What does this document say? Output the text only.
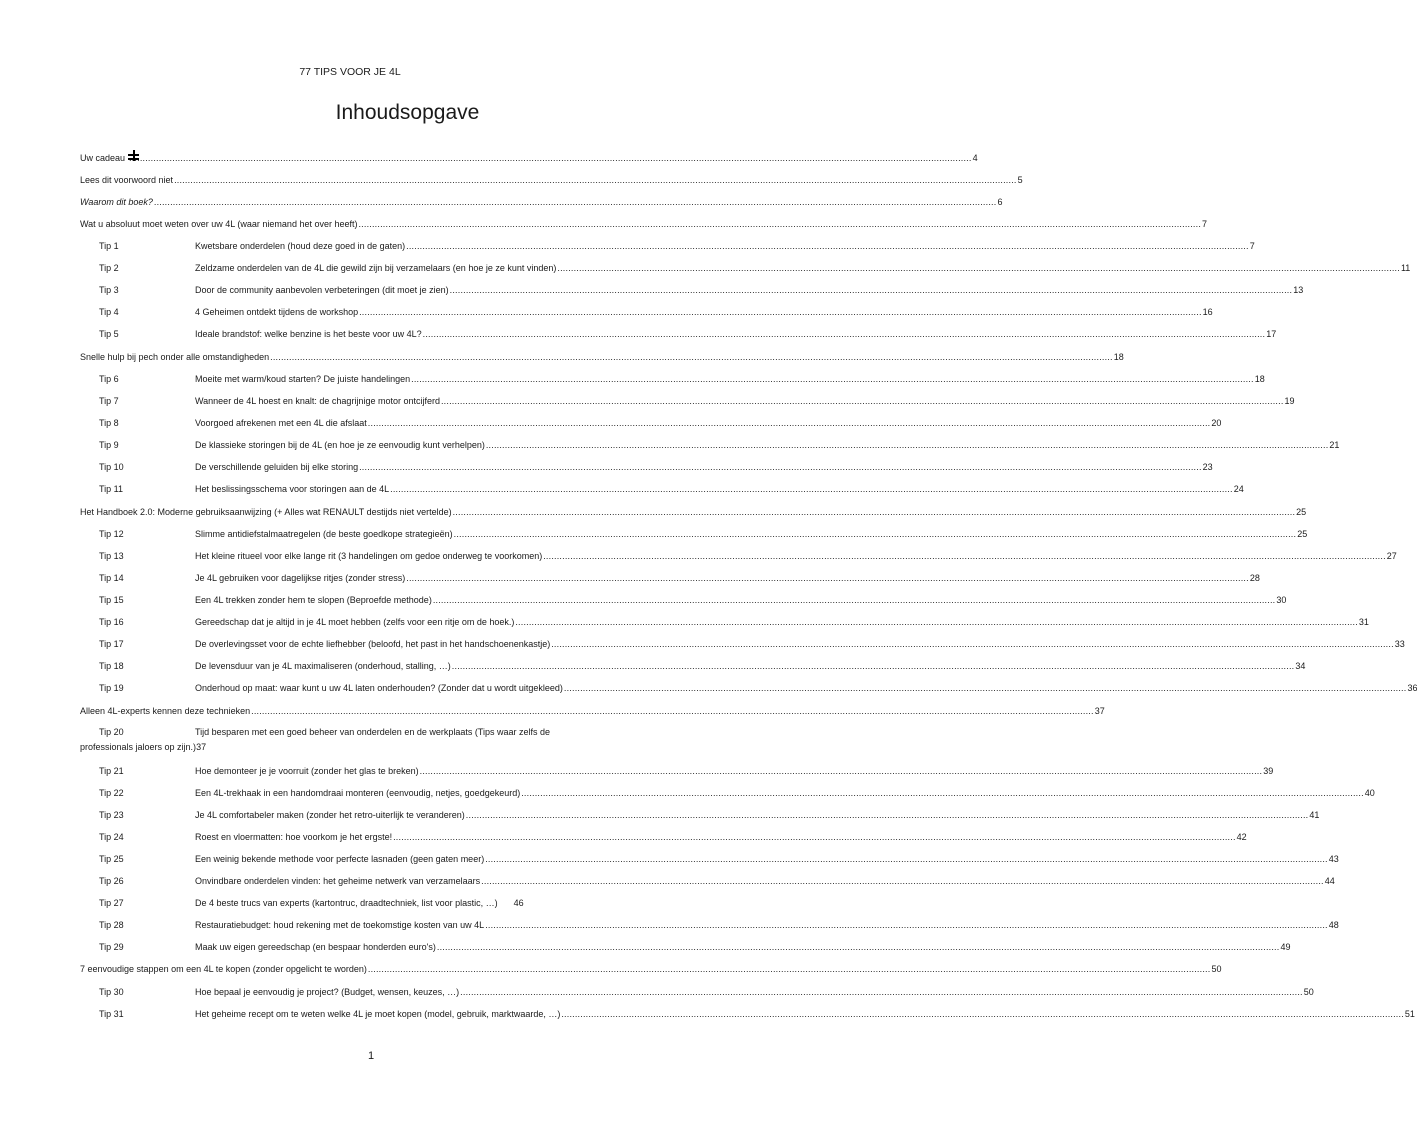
77 TIPS VOOR JE 4L
Inhoudsopgave
Uw cadeau .....	4
Lees dit voorwoord niet .....	5
Waarom dit boek? .....	6
Wat u absoluut moet weten over uw 4L (waar niemand het over heeft) .....	7
Tip 1	Kwetsbare onderdelen (houd deze goed in de gaten) .....	7
Tip 2	Zeldzame onderdelen van de 4L die gewild zijn bij verzamelaars (en hoe je ze kunt vinden) .....	11
Tip 3	Door de community aanbevolen verbeteringen (dit moet je zien) .....	13
Tip 4	4 Geheimen ontdekt tijdens de workshop .....	16
Tip 5	Ideale brandstof: welke benzine is het beste voor uw 4L? .....	17
Snelle hulp bij pech onder alle omstandigheden .....	18
Tip 6	Moeite met warm/koud starten? De juiste handelingen .....	18
Tip 7	Wanneer de 4L hoest en knalt: de chagrijnige motor ontcijferd .....	19
Tip 8	Voorgoed afrekenen met een 4L die afslaat .....	20
Tip 9	De klassieke storingen bij de 4L (en hoe je ze eenvoudig kunt verhelpen) .....	21
Tip 10	De verschillende geluiden bij elke storing .....	23
Tip 11	Het beslissingsschema voor storingen aan de 4L .....	24
Het Handboek 2.0: Moderne gebruiksaanwijzing (+ Alles wat RENAULT destijds niet vertelde) .....	25
Tip 12	Slimme antidiefstalmaatregelen (de beste goedkope strategieën) .....	25
Tip 13	Het kleine ritueel voor elke lange rit (3 handelingen om gedoe onderweg te voorkomen) .....	27
Tip 14	Je 4L gebruiken voor dagelijkse ritjes (zonder stress) .....	28
Tip 15	Een 4L trekken zonder hem te slopen (Beproefde methode) .....	30
Tip 16	Gereedschap dat je altijd in je 4L moet hebben (zelfs voor een ritje om de hoek.) .....	31
Tip 17	De overlevingsset voor de echte liefhebber (beloofd, het past in het handschoenenkastje) .....	33
Tip 18	De levensduur van je 4L maximaliseren (onderhoud, stalling, …) .....	34
Tip 19	Onderhoud op maat: waar kunt u uw 4L laten onderhouden? (Zonder dat u wordt uitgekleed) .....	36
Alleen 4L-experts kennen deze technieken .....	37
Tip 20	Tijd besparen met een goed beheer van onderdelen en de werkplaats (Tips waar zelfs de
professionals jaloers op zijn.)37
Tip 21	Hoe demonteer je je voorruit (zonder het glas te breken) .....	39
Tip 22	Een 4L-trekhaak in een handomdraai monteren (eenvoudig, netjes, goedgekeurd) .....	40
Tip 23	Je 4L comfortabeler maken (zonder het retro-uiterlijk te veranderen) .....	41
Tip 24	Roest en vloermatten: hoe voorkom je het ergste! .....	42
Tip 25	Een weinig bekende methode voor perfecte lasnaden (geen gaten meer) .....	43
Tip 26	Onvindbare onderdelen vinden: het geheime netwerk van verzamelaars .....	44
Tip 27	De 4 beste trucs van experts (kartontruc, draadtechniek, list voor plastic, …) 46
Tip 28	Restauratiebudget: houd rekening met de toekomstige kosten van uw 4L .....	48
Tip 29	Maak uw eigen gereedschap (en bespaar honderden euro's) .....	49
7 eenvoudige stappen om een 4L te kopen (zonder opgelicht te worden) .....	50
Tip 30	Hoe bepaal je eenvoudig je project? (Budget, wensen, keuzes, …) .....	50
Tip 31	Het geheime recept om te weten welke 4L je moet kopen (model, gebruik, marktwaarde, …) .....	51
1
